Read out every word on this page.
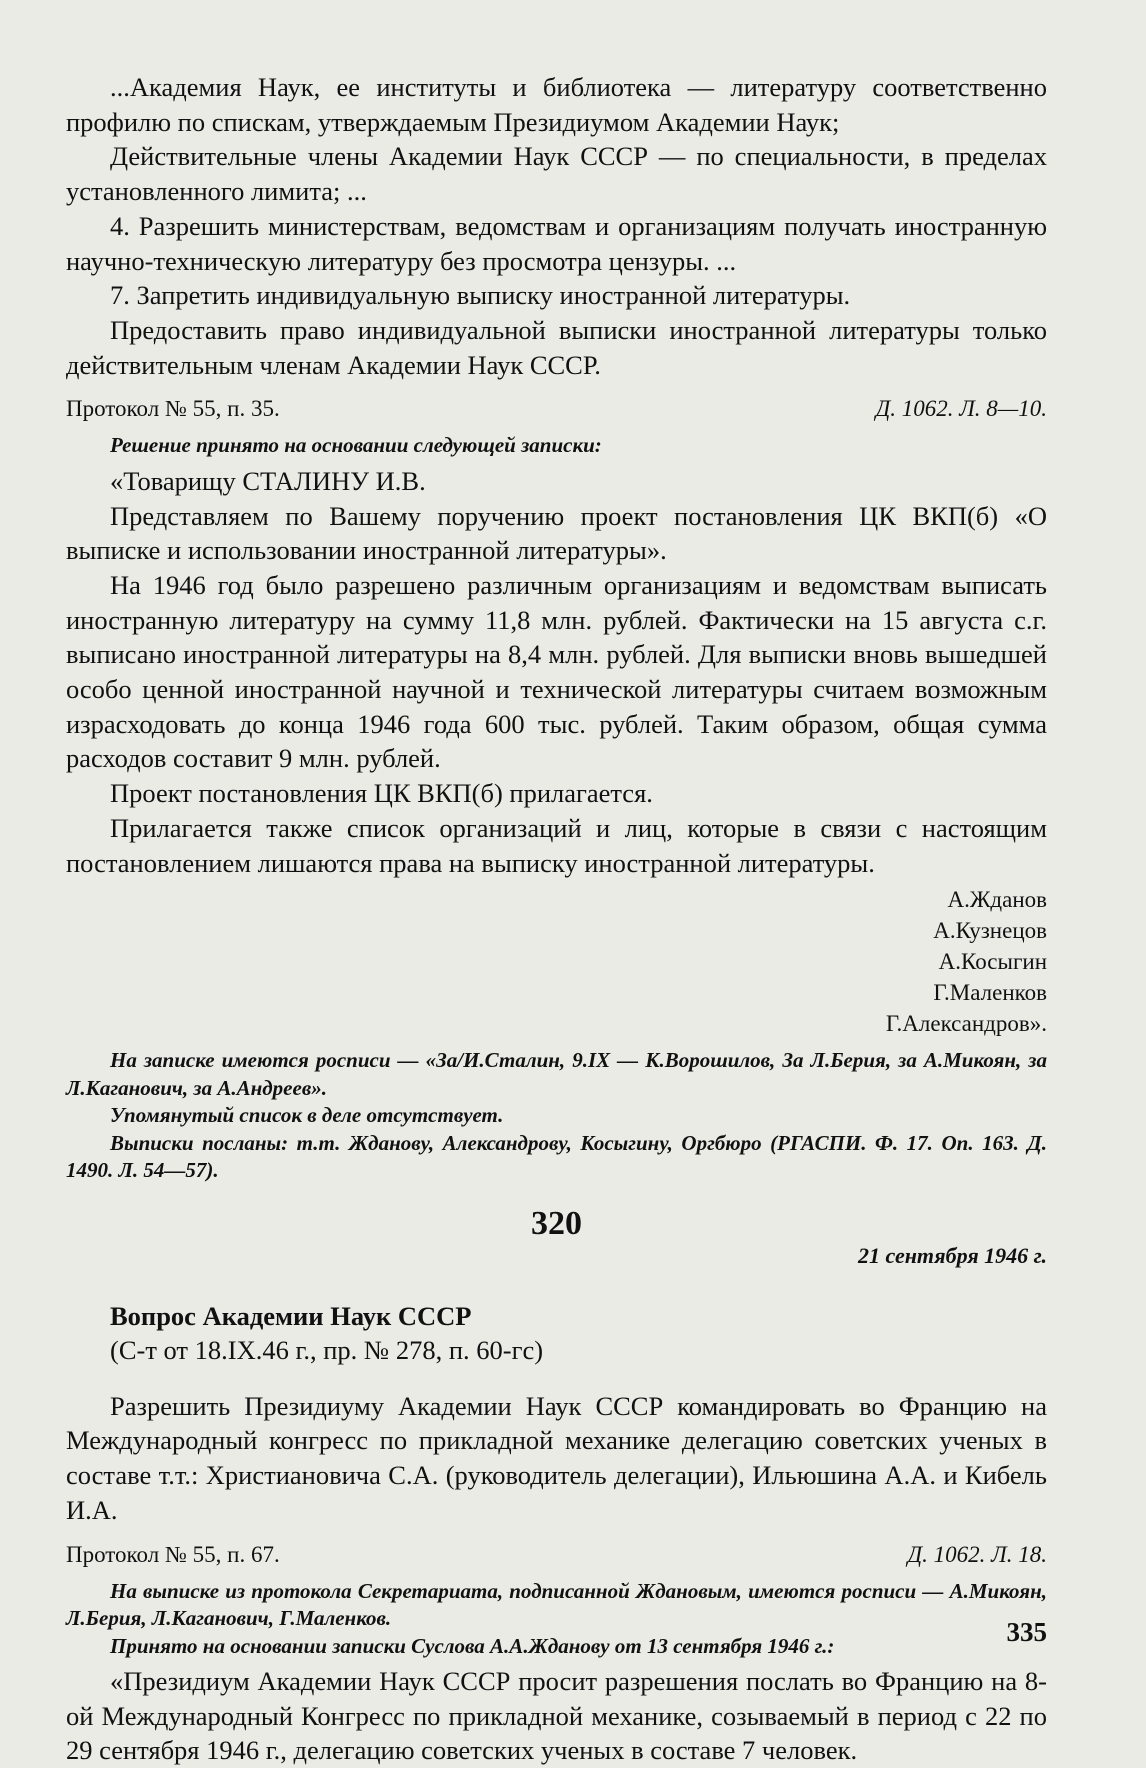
...Академия Наук, ее институты и библиотека — литературу соответственно профилю по спискам, утверждаемым Президиумом Академии Наук;

Действительные члены Академии Наук СССР — по специальности, в пределах установленного лимита; ...

4. Разрешить министерствам, ведомствам и организациям получать иностранную научно-техническую литературу без просмотра цензуры. ...

7. Запретить индивидуальную выписку иностранной литературы.

Предоставить право индивидуальной выписки иностранной литературы только действительным членам Академии Наук СССР.

Протокол № 55, п. 35.	Д. 1062. Л. 8—10.

Решение принято на основании следующей записки:

«Товарищу СТАЛИНУ И.В.

Представляем по Вашему поручению проект постановления ЦК ВКП(б) «О выписке и использовании иностранной литературы».

На 1946 год было разрешено различным организациям и ведомствам выписать иностранную литературу на сумму 11,8 млн. рублей. Фактически на 15 августа с.г. выписано иностранной литературы на 8,4 млн. рублей. Для выписки вновь вышедшей особо ценной иностранной научной и технической литературы считаем возможным израсходовать до конца 1946 года 600 тыс. рублей. Таким образом, общая сумма расходов составит 9 млн. рублей.

Проект постановления ЦК ВКП(б) прилагается.

Прилагается также список организаций и лиц, которые в связи с настоящим постановлением лишаются права на выписку иностранной литературы.

А.Жданов
А.Кузнецов
А.Косыгин
Г.Маленков
Г.Александров».

На записке имеются росписи — «За/И.Сталин, 9.IX — К.Ворошилов, За Л.Берия, за А.Микоян, за Л.Каганович, за А.Андреев».

Упомянутый список в деле отсутствует.

Выписки посланы: т.т. Жданову, Александрову, Косыгину, Оргбюро (РГАСПИ. Ф. 17. Оп. 163. Д. 1490. Л. 54—57).

320
21 сентября 1946 г.
Вопрос Академии Наук СССР
(С-т от 18.IX.46 г., пр. № 278, п. 60-гс)

Разрешить Президиуму Академии Наук СССР командировать во Францию на Международный конгресс по прикладной механике делегацию советских ученых в составе т.т.: Христиановича С.А. (руководитель делегации), Ильюшина А.А. и Кибель И.А.

Протокол № 55, п. 67.	Д. 1062. Л. 18.

На выписке из протокола Секретариата, подписанной Ждановым, имеются росписи — А.Микоян, Л.Берия, Л.Каганович, Г.Маленков.

Принято на основании записки Суслова А.А.Жданову от 13 сентября 1946 г.:

«Президиум Академии Наук СССР просит разрешения послать во Францию на 8-ой Международный Конгресс по прикладной механике, созываемый в период с 22 по 29 сентября 1946 г., делегацию советских ученых в составе 7 человек.

335
